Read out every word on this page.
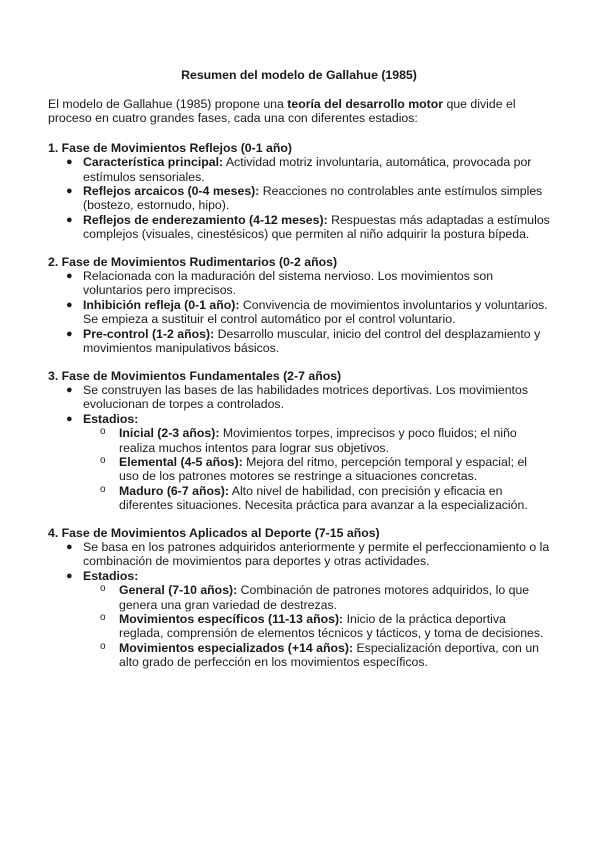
Resumen del modelo de Gallahue (1985)

El modelo de Gallahue (1985) propone una teoría del desarrollo motor que divide el proceso en cuatro grandes fases, cada una con diferentes estadios:

1. Fase de Movimientos Reflejos (0-1 año)
● Característica principal: Actividad motriz involuntaria, automática, provocada por estímulos sensoriales.
● Reflejos arcaicos (0-4 meses): Reacciones no controlables ante estímulos simples (bostezo, estornudo, hipo).
● Reflejos de enderezamiento (4-12 meses): Respuestas más adaptadas a estímulos complejos (visuales, cinestésicos) que permiten al niño adquirir la postura bípeda.
2. Fase de Movimientos Rudimentarios (0-2 años)
● Relacionada con la maduración del sistema nervioso. Los movimientos son voluntarios pero imprecisos.
● Inhibición refleja (0-1 año): Convivencia de movimientos involuntarios y voluntarios. Se empieza a sustituir el control automático por el control voluntario.
● Pre-control (1-2 años): Desarrollo muscular, inicio del control del desplazamiento y movimientos manipulativos básicos.
3. Fase de Movimientos Fundamentales (2-7 años)
● Se construyen las bases de las habilidades motrices deportivas. Los movimientos evolucionan de torpes a controlados.
● Estadios:
o Inicial (2-3 años): Movimientos torpes, imprecisos y poco fluidos; el niño realiza muchos intentos para lograr sus objetivos.
o Elemental (4-5 años): Mejora del ritmo, percepción temporal y espacial; el uso de los patrones motores se restringe a situaciones concretas.
o Maduro (6-7 años): Alto nivel de habilidad, con precisión y eficacia en diferentes situaciones. Necesita práctica para avanzar a la especialización.
4. Fase de Movimientos Aplicados al Deporte (7-15 años)
● Se basa en los patrones adquiridos anteriormente y permite el perfeccionamiento o la combinación de movimientos para deportes y otras actividades.
● Estadios:
o General (7-10 años): Combinación de patrones motores adquiridos, lo que genera una gran variedad de destrezas.
o Movimientos específicos (11-13 años): Inicio de la práctica deportiva reglada, comprensión de elementos técnicos y tácticos, y toma de decisiones.
o Movimientos especializados (+14 años): Especialización deportiva, con un alto grado de perfección en los movimientos específicos.
